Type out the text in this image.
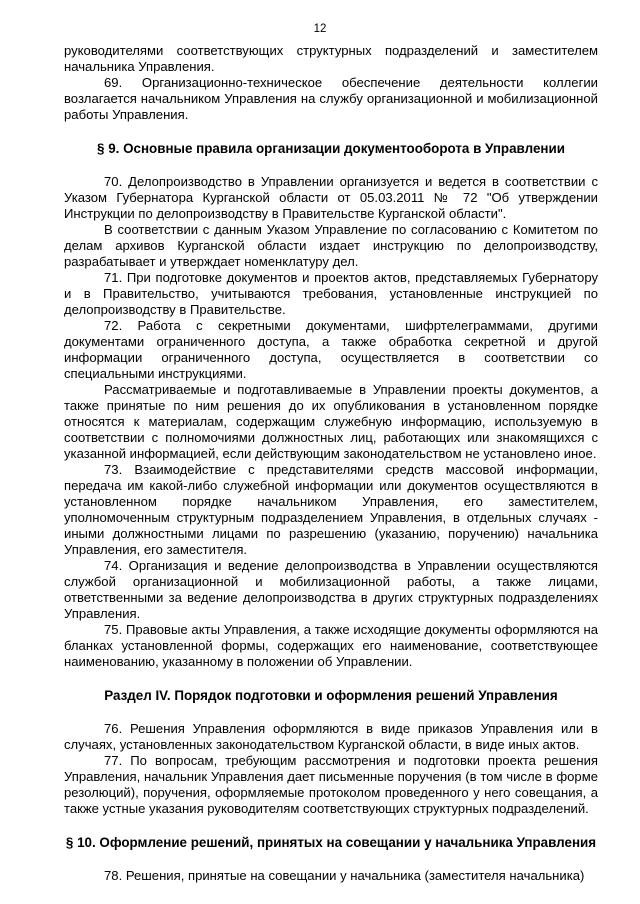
12

руководителями соответствующих структурных подразделений и заместителем начальника Управления.

69. Организационно-техническое обеспечение деятельности коллегии возлагается начальником Управления на службу организационной и мобилизационной работы Управления.

§ 9. Основные правила организации документооборота в Управлении

70. Делопроизводство в Управлении организуется и ведется в соответствии с Указом Губернатора Курганской области от 05.03.2011 № 72 "Об утверждении Инструкции по делопроизводству в Правительстве Курганской области".

В соответствии с данным Указом Управление по согласованию с Комитетом по делам архивов Курганской области издает инструкцию по делопроизводству, разрабатывает и утверждает номенклатуру дел.

71. При подготовке документов и проектов актов, представляемых Губернатору и в Правительство, учитываются требования, установленные инструкцией по делопроизводству в Правительстве.

72. Работа с секретными документами, шифртелеграммами, другими документами ограниченного доступа, а также обработка секретной и другой информации ограниченного доступа, осуществляется в соответствии со специальными инструкциями.

Рассматриваемые и подготавливаемые в Управлении проекты документов, а также принятые по ним решения до их опубликования в установленном порядке относятся к материалам, содержащим служебную информацию, используемую в соответствии с полномочиями должностных лиц, работающих или знакомящихся с указанной информацией, если действующим законодательством не установлено иное.

73. Взаимодействие с представителями средств массовой информации, передача им какой-либо служебной информации или документов осуществляются в установленном порядке начальником Управления, его заместителем, уполномоченным структурным подразделением Управления, в отдельных случаях - иными должностными лицами по разрешению (указанию, поручению) начальника Управления, его заместителя.

74. Организация и ведение делопроизводства в Управлении осуществляются службой организационной и мобилизационной работы, а также лицами, ответственными за ведение делопроизводства в других структурных подразделениях Управления.

75. Правовые акты Управления, а также исходящие документы оформляются на бланках установленной формы, содержащих его наименование, соответствующее наименованию, указанному в положении об Управлении.

Раздел IV. Порядок подготовки и оформления решений Управления

76. Решения Управления оформляются в виде приказов Управления или в случаях, установленных законодательством Курганской области, в виде иных актов.

77. По вопросам, требующим рассмотрения и подготовки проекта решения Управления, начальник Управления дает письменные поручения (в том числе в форме резолюций), поручения, оформляемые протоколом проведенного у него совещания, а также устные указания руководителям соответствующих структурных подразделений.

§ 10. Оформление решений, принятых на совещании у начальника Управления

78. Решения, принятые на совещании у начальника (заместителя начальника)
